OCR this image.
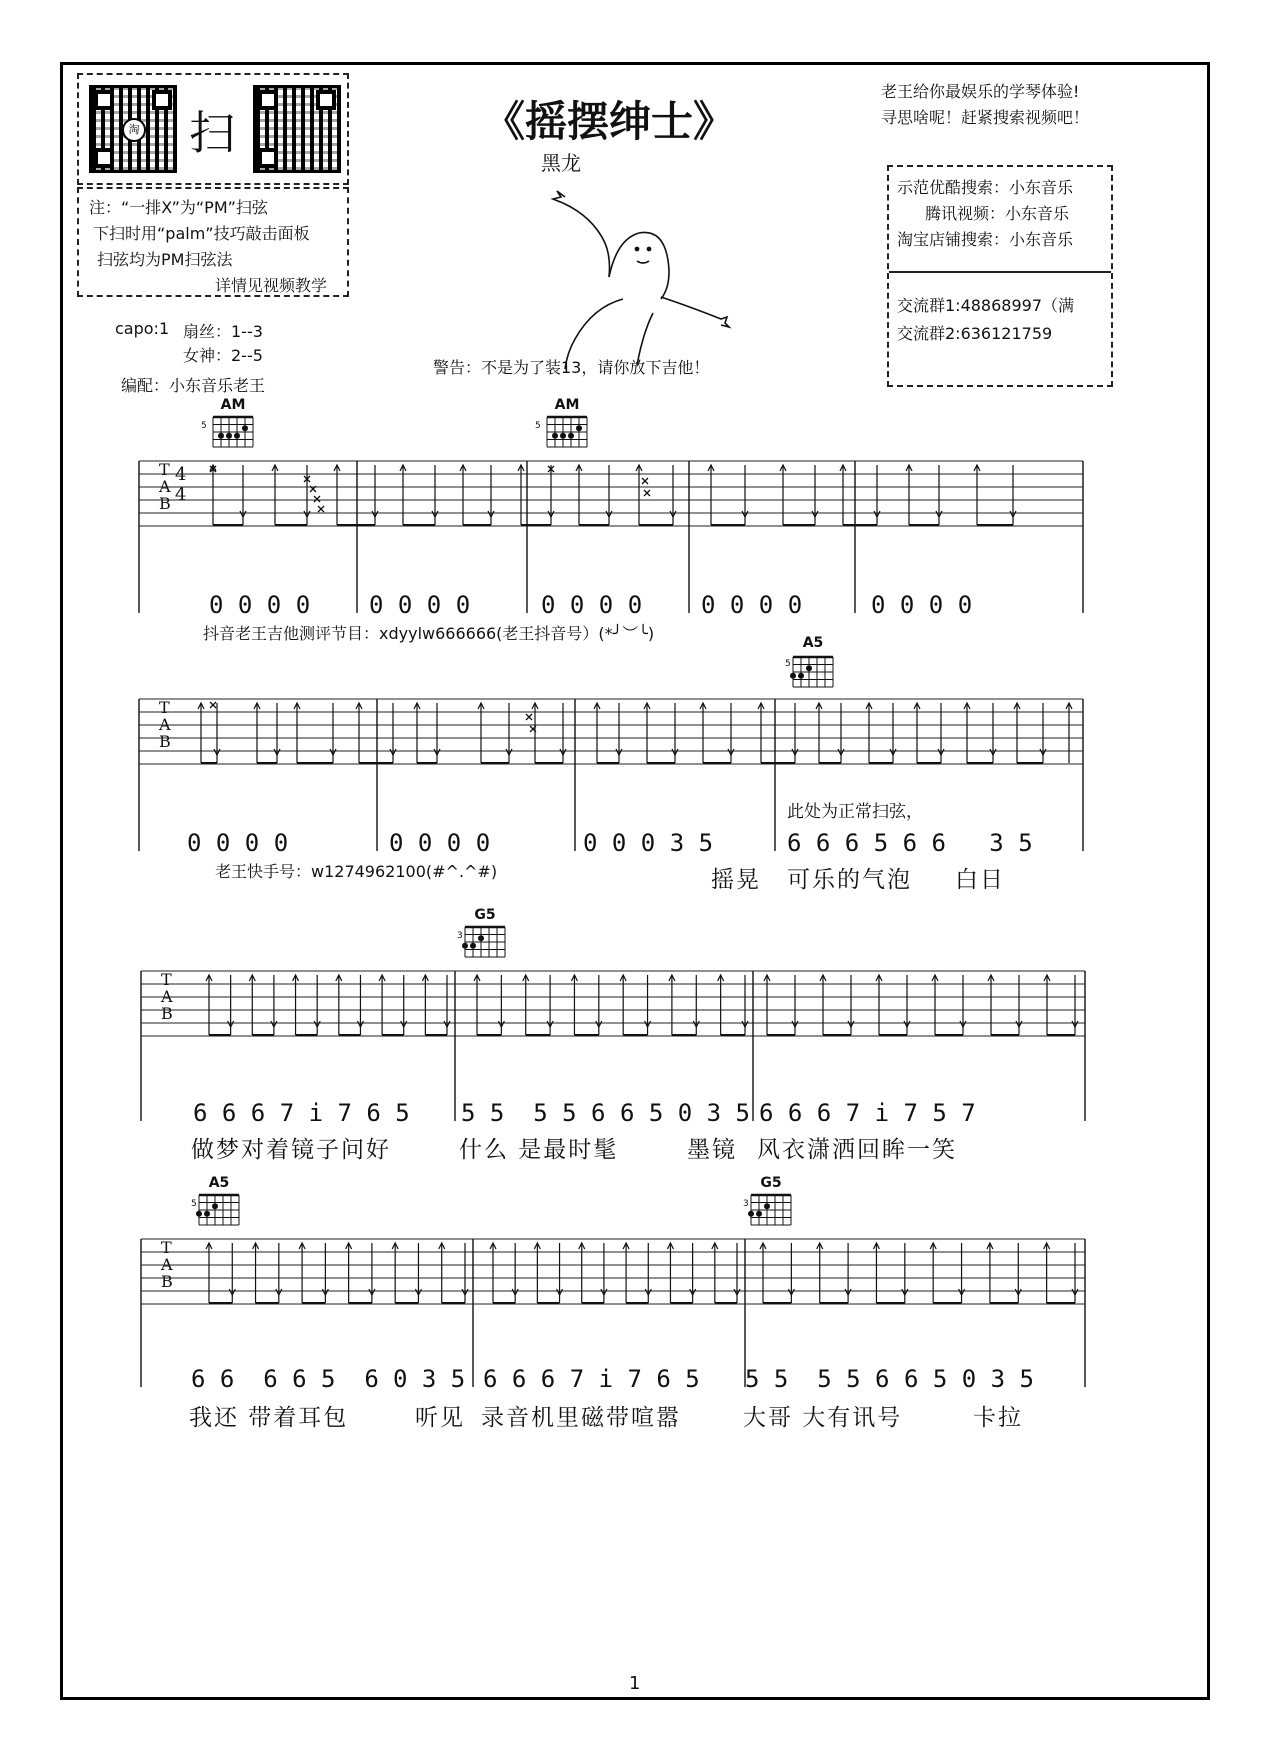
淘 扫
注：“一排X”为“PM”扫弦
下扫时用“palm”技巧敲击面板
扫弦均为PM扫弦法
详情见视频教学
《摇摆绅士》
黑龙
老王给你最娱乐的学琴体验!
寻思啥呢！赶紧搜索视频吧！
示范优酷搜索：小东音乐
腾讯视频：小东音乐
淘宝店铺搜索：小东音乐
交流群1:48868997（满
交流群2:636121759
capo:1 扇丝：1--3
女神：2--5
编配：小东音乐老王
警告：不是为了装13，请你放下吉他！
AM	AM
A5
G5
A5	G5
5	5
5
3
5	3
T
A
B
4
4
T
A
B
T
A
B
T
A
B
0 0 0 0 0 0 0 0	0 0 0 0 0 0 0 0	0 0 0 0
抖音老王吉他测评节目：xdyylw666666(老王抖音号）(*╯︶╰)
0 0 0 0	0 0 0 0	0 0 0 3 5	6 6 6 5 6 6   3 5
老王快手号：w1274962100(#^.^#)
此处为正常扫弦，
摇晃 可乐的气泡 白日
6 6 6 7 i 7 6 5 5 5  5 5 6 6 5 0 3 5 6 6 6 7 i 7 5 7
做梦对着镜子问好	什么 是最时髦	墨镜 风衣潇洒回眸一笑
6 6  6 6 5  6 0 3 5 6 6 6 7 i 7 6 5 5 5  5 5 6 6 5 0 3 5
我还 带着耳包	听见 录音机里磁带喧嚣	大哥 大有讯号	卡拉
1
